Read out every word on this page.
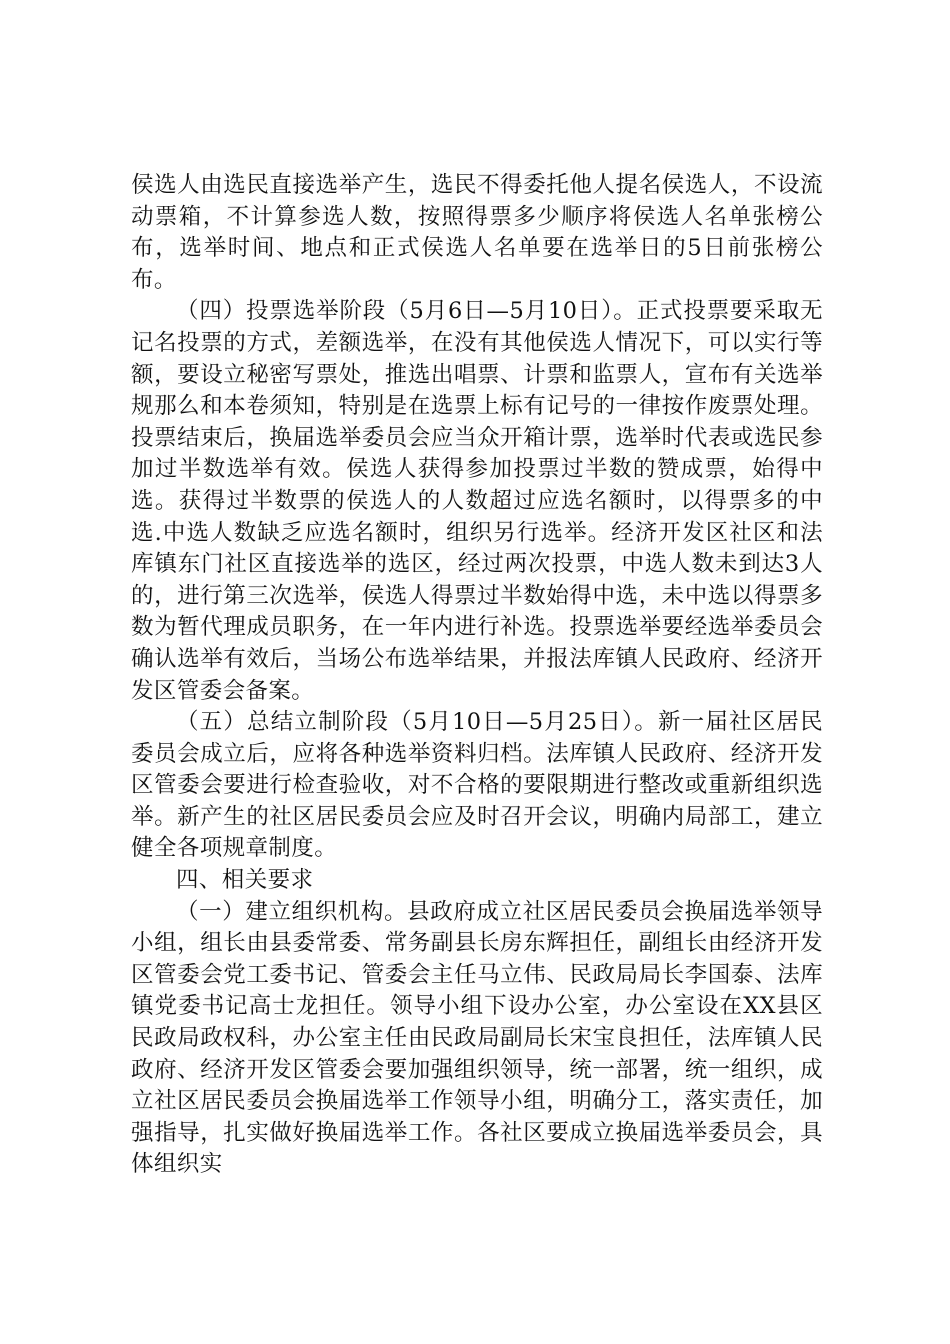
侯选人由选民直接选举产生，选民不得委托他人提名侯选人，不设流动票箱，不计算参选人数，按照得票多少顺序将侯选人名单张榜公布，选举时间、地点和正式侯选人名单要在选举日的5日前张榜公布。

（四）投票选举阶段（5月6日—5月10日）。正式投票要采取无记名投票的方式，差额选举，在没有其他侯选人情况下，可以实行等额，要设立秘密写票处，推选出唱票、计票和监票人，宣布有关选举规那么和本卷须知，特别是在选票上标有记号的一律按作废票处理。投票结束后，换届选举委员会应当众开箱计票，选举时代表或选民参加过半数选举有效。侯选人获得参加投票过半数的赞成票，始得中选。获得过半数票的侯选人的人数超过应选名额时，以得票多的中选.中选人数缺乏应选名额时，组织另行选举。经济开发区社区和法库镇东门社区直接选举的选区，经过两次投票，中选人数未到达3人的，进行第三次选举，侯选人得票过半数始得中选，未中选以得票多数为暂代理成员职务，在一年内进行补选。投票选举要经选举委员会确认选举有效后，当场公布选举结果，并报法库镇人民政府、经济开发区管委会备案。

（五）总结立制阶段（5月10日—5月25日）。新一届社区居民委员会成立后，应将各种选举资料归档。法库镇人民政府、经济开发区管委会要进行检查验收，对不合格的要限期进行整改或重新组织选举。新产生的社区居民委员会应及时召开会议，明确内局部工，建立健全各项规章制度。

四、相关要求

（一）建立组织机构。县政府成立社区居民委员会换届选举领导小组，组长由县委常委、常务副县长房东辉担任，副组长由经济开发区管委会党工委书记、管委会主任马立伟、民政局局长李国泰、法库镇党委书记高士龙担任。领导小组下设办公室，办公室设在XX县区民政局政权科，办公室主任由民政局副局长宋宝良担任，法库镇人民政府、经济开发区管委会要加强组织领导，统一部署，统一组织，成立社区居民委员会换届选举工作领导小组，明确分工，落实责任，加强指导，扎实做好换届选举工作。各社区要成立换届选举委员会，具体组织实
